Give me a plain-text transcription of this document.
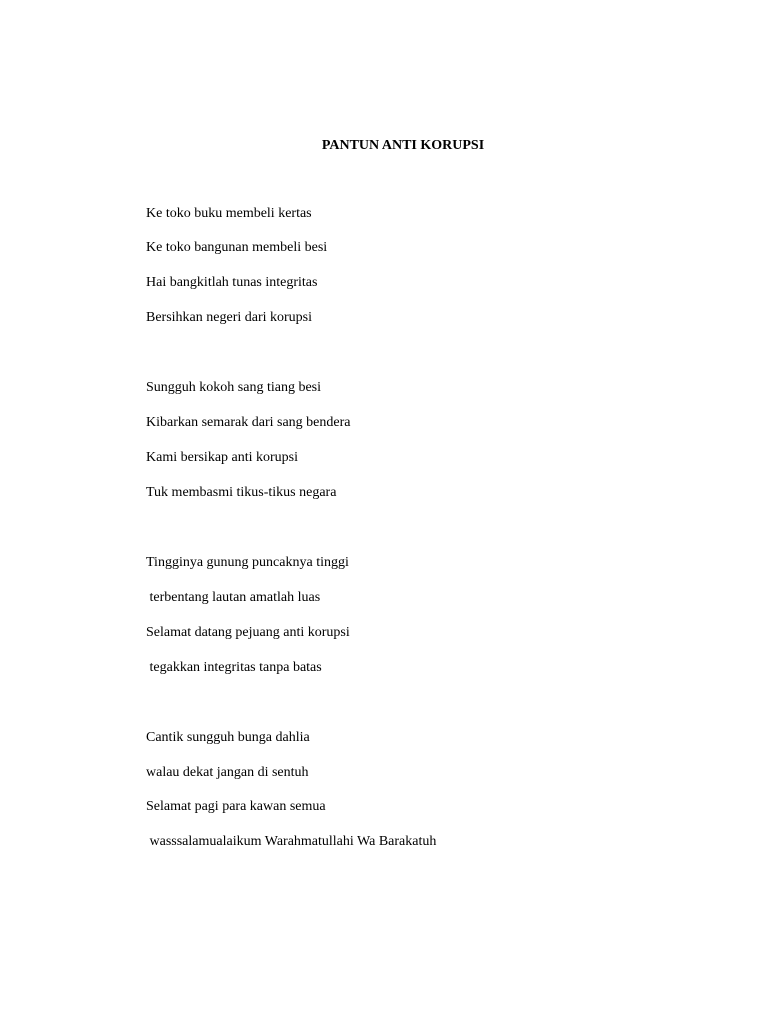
PANTUN ANTI KORUPSI
Ke toko buku membeli kertas
Ke toko bangunan membeli besi
Hai bangkitlah tunas integritas
Bersihkan negeri dari korupsi
Sungguh kokoh sang tiang besi
Kibarkan semarak dari sang bendera
Kami bersikap anti korupsi
Tuk membasmi tikus-tikus negara
Tingginya gunung puncaknya tinggi
terbentang lautan amatlah luas
Selamat datang pejuang anti korupsi
tegakkan integritas tanpa batas
Cantik sungguh bunga dahlia
walau dekat jangan di sentuh
Selamat pagi para kawan semua
wasssalamualaikum Warahmatullahi Wa Barakatuh
